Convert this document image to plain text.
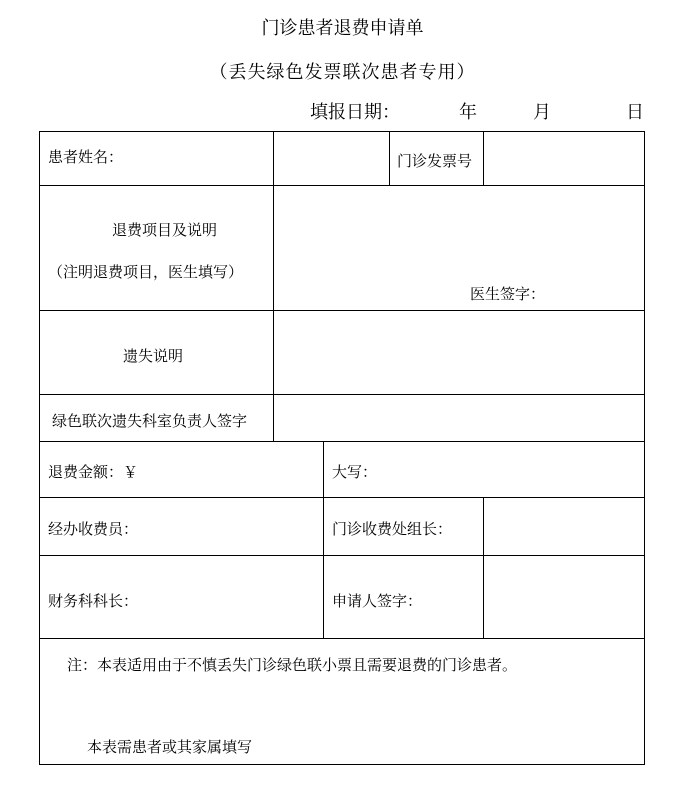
门诊患者退费申请单
（丢失绿色发票联次患者专用）
填报日期：	年	月	日
患者姓名：	门诊发票号
退费项目及说明
（注明退费项目，医生填写）
医生签字：
遗失说明
绿色联次遗失科室负责人签字
退费金额：￥	大写：
经办收费员：	门诊收费处组长：
财务科科长：	申请人签字：
注：本表适用由于不慎丢失门诊绿色联小票且需要退费的门诊患者。
本表需患者或其家属填写
